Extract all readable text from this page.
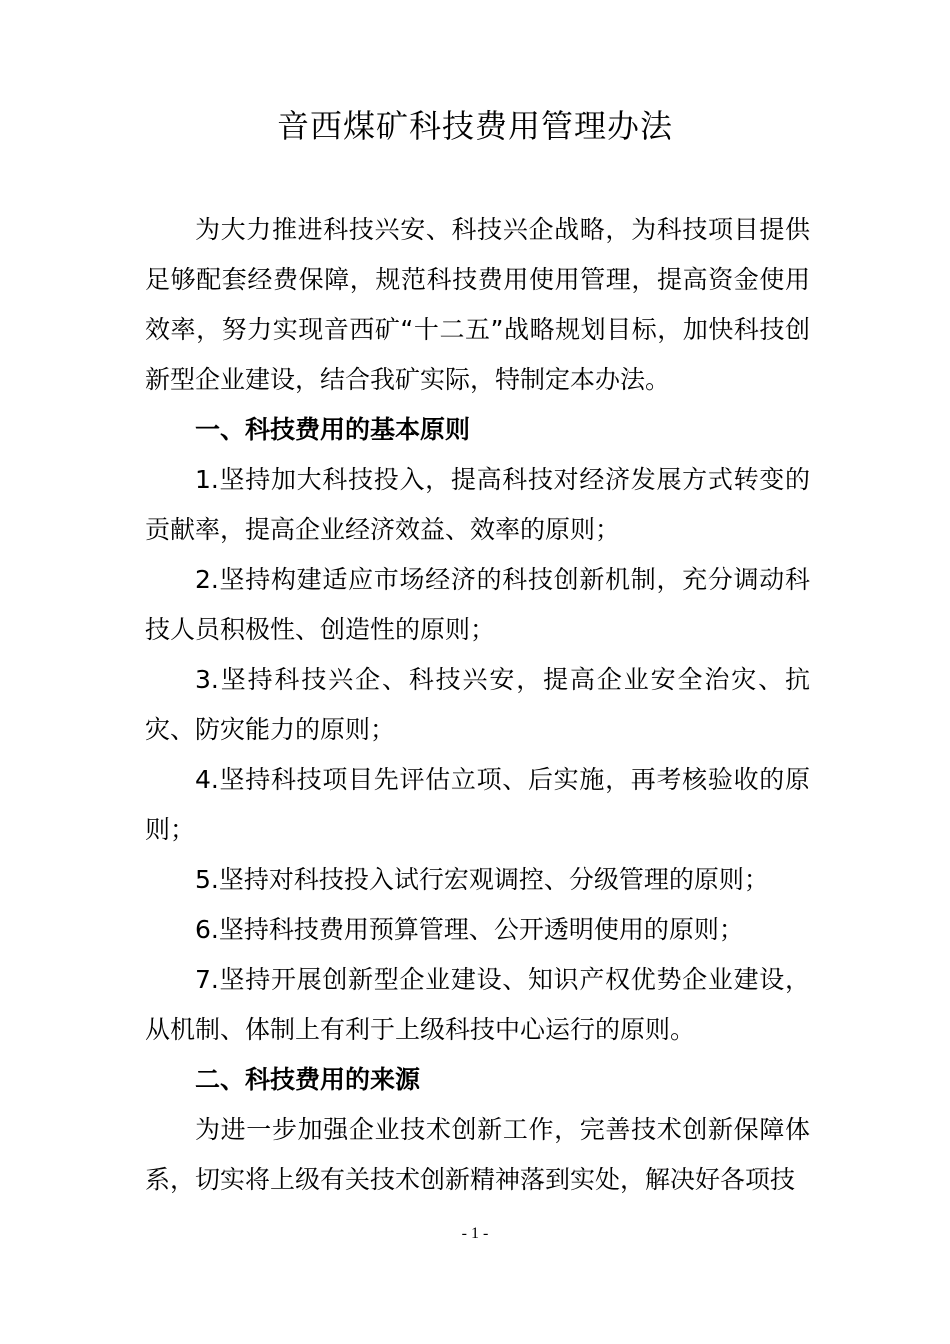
音西煤矿科技费用管理办法

为大力推进科技兴安、科技兴企战略，为科技项目提供足够配套经费保障，规范科技费用使用管理，提高资金使用效率，努力实现音西矿“十二五”战略规划目标，加快科技创新型企业建设，结合我矿实际，特制定本办法。

一、科技费用的基本原则

1.坚持加大科技投入，提高科技对经济发展方式转变的贡献率，提高企业经济效益、效率的原则；

2.坚持构建适应市场经济的科技创新机制，充分调动科技人员积极性、创造性的原则；

3.坚持科技兴企、科技兴安，提高企业安全治灾、抗灾、防灾能力的原则；

4.坚持科技项目先评估立项、后实施，再考核验收的原则；

5.坚持对科技投入试行宏观调控、分级管理的原则；

6.坚持科技费用预算管理、公开透明使用的原则；

7.坚持开展创新型企业建设、知识产权优势企业建设，从机制、体制上有利于上级科技中心运行的原则。

二、科技费用的来源

为进一步加强企业技术创新工作，完善技术创新保障体系，切实将上级有关技术创新精神落到实处，解决好各项技

- 1 -
